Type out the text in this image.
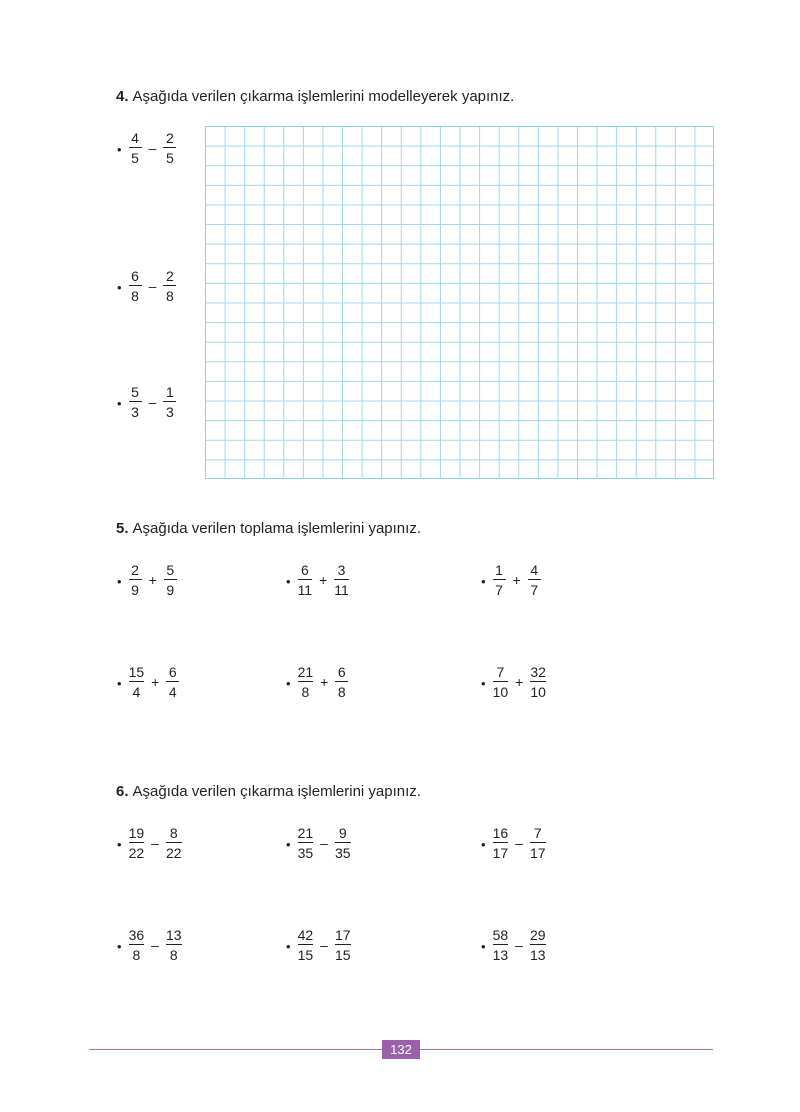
4. Aşağıda verilen çıkarma işlemlerini modelleyerek yapınız.
• $\frac{4}{5} - \frac{2}{5}$
• $\frac{6}{8} - \frac{2}{8}$
• $\frac{5}{3} - \frac{1}{3}$
5. Aşağıda verilen toplama işlemlerini yapınız.
• $\frac{2}{9} + \frac{5}{9}$	• $\frac{6}{11} + \frac{3}{11}$	• $\frac{1}{7} + \frac{4}{7}$
• $\frac{15}{4} + \frac{6}{4}$	• $\frac{21}{8} + \frac{6}{8}$	• $\frac{7}{10} + \frac{32}{10}$
6. Aşağıda verilen çıkarma işlemlerini yapınız.
• $\frac{19}{22} - \frac{8}{22}$	• $\frac{21}{35} - \frac{9}{35}$	• $\frac{16}{17} - \frac{7}{17}$
• $\frac{36}{8} - \frac{13}{8}$	• $\frac{42}{15} - \frac{17}{15}$	• $\frac{58}{13} - \frac{29}{13}$
132
